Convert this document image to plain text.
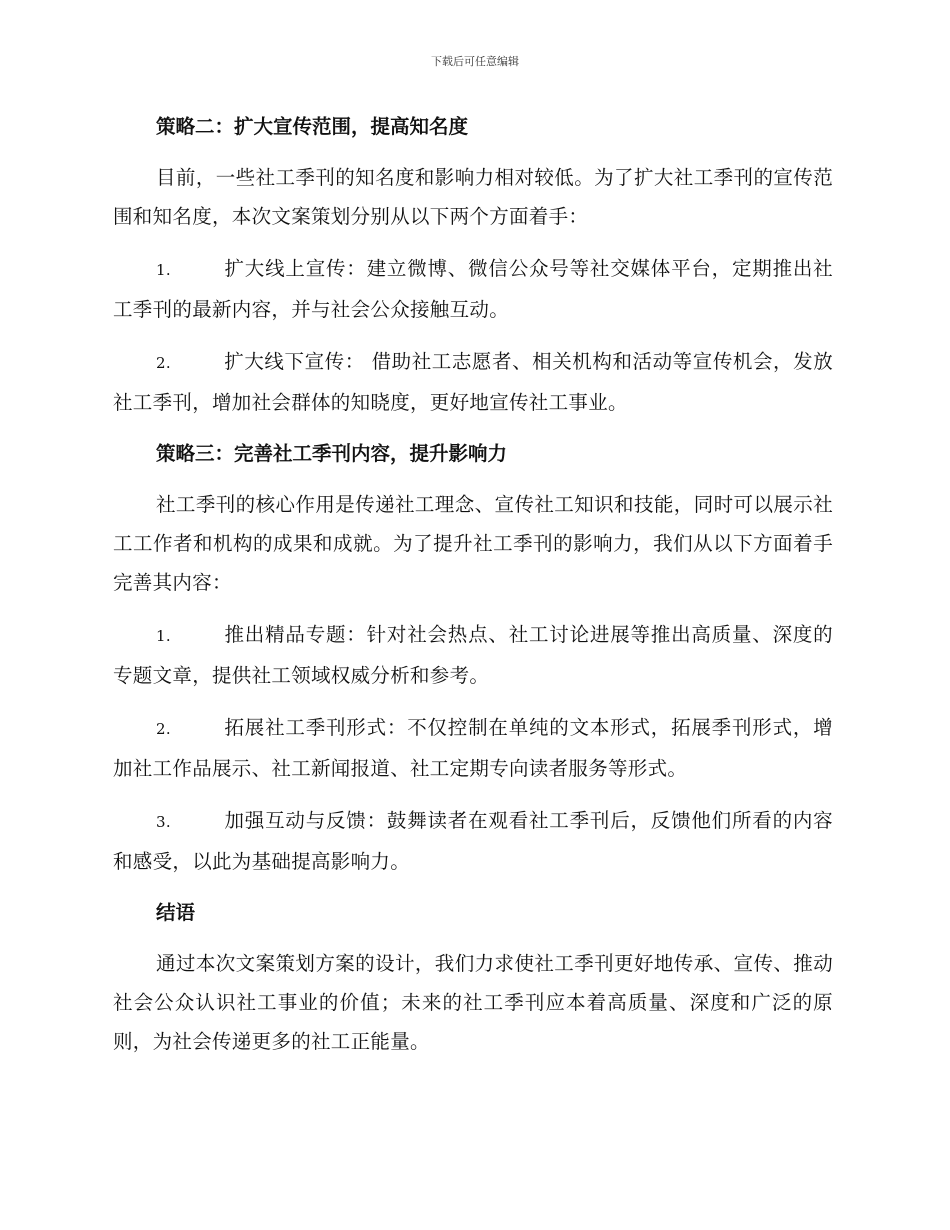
下载后可任意编辑
策略二：扩大宣传范围，提高知名度

目前，一些社工季刊的知名度和影响力相对较低。为了扩大社工季刊的宣传范围和知名度，本次文案策划分别从以下两个方面着手：

1.	扩大线上宣传：建立微博、微信公众号等社交媒体平台，定期推出社工季刊的最新内容，并与社会公众接触互动。

2.	扩大线下宣传： 借助社工志愿者、相关机构和活动等宣传机会，发放社工季刊，增加社会群体的知晓度，更好地宣传社工事业。

策略三：完善社工季刊内容，提升影响力

社工季刊的核心作用是传递社工理念、宣传社工知识和技能，同时可以展示社工工作者和机构的成果和成就。为了提升社工季刊的影响力，我们从以下方面着手完善其内容：

1.	推出精品专题：针对社会热点、社工讨论进展等推出高质量、深度的专题文章，提供社工领域权威分析和参考。

2.	拓展社工季刊形式：不仅控制在单纯的文本形式，拓展季刊形式，增加社工作品展示、社工新闻报道、社工定期专向读者服务等形式。

3.	加强互动与反馈：鼓舞读者在观看社工季刊后，反馈他们所看的内容和感受，以此为基础提高影响力。

结语

通过本次文案策划方案的设计，我们力求使社工季刊更好地传承、宣传、推动社会公众认识社工事业的价值；未来的社工季刊应本着高质量、深度和广泛的原则，为社会传递更多的社工正能量。
